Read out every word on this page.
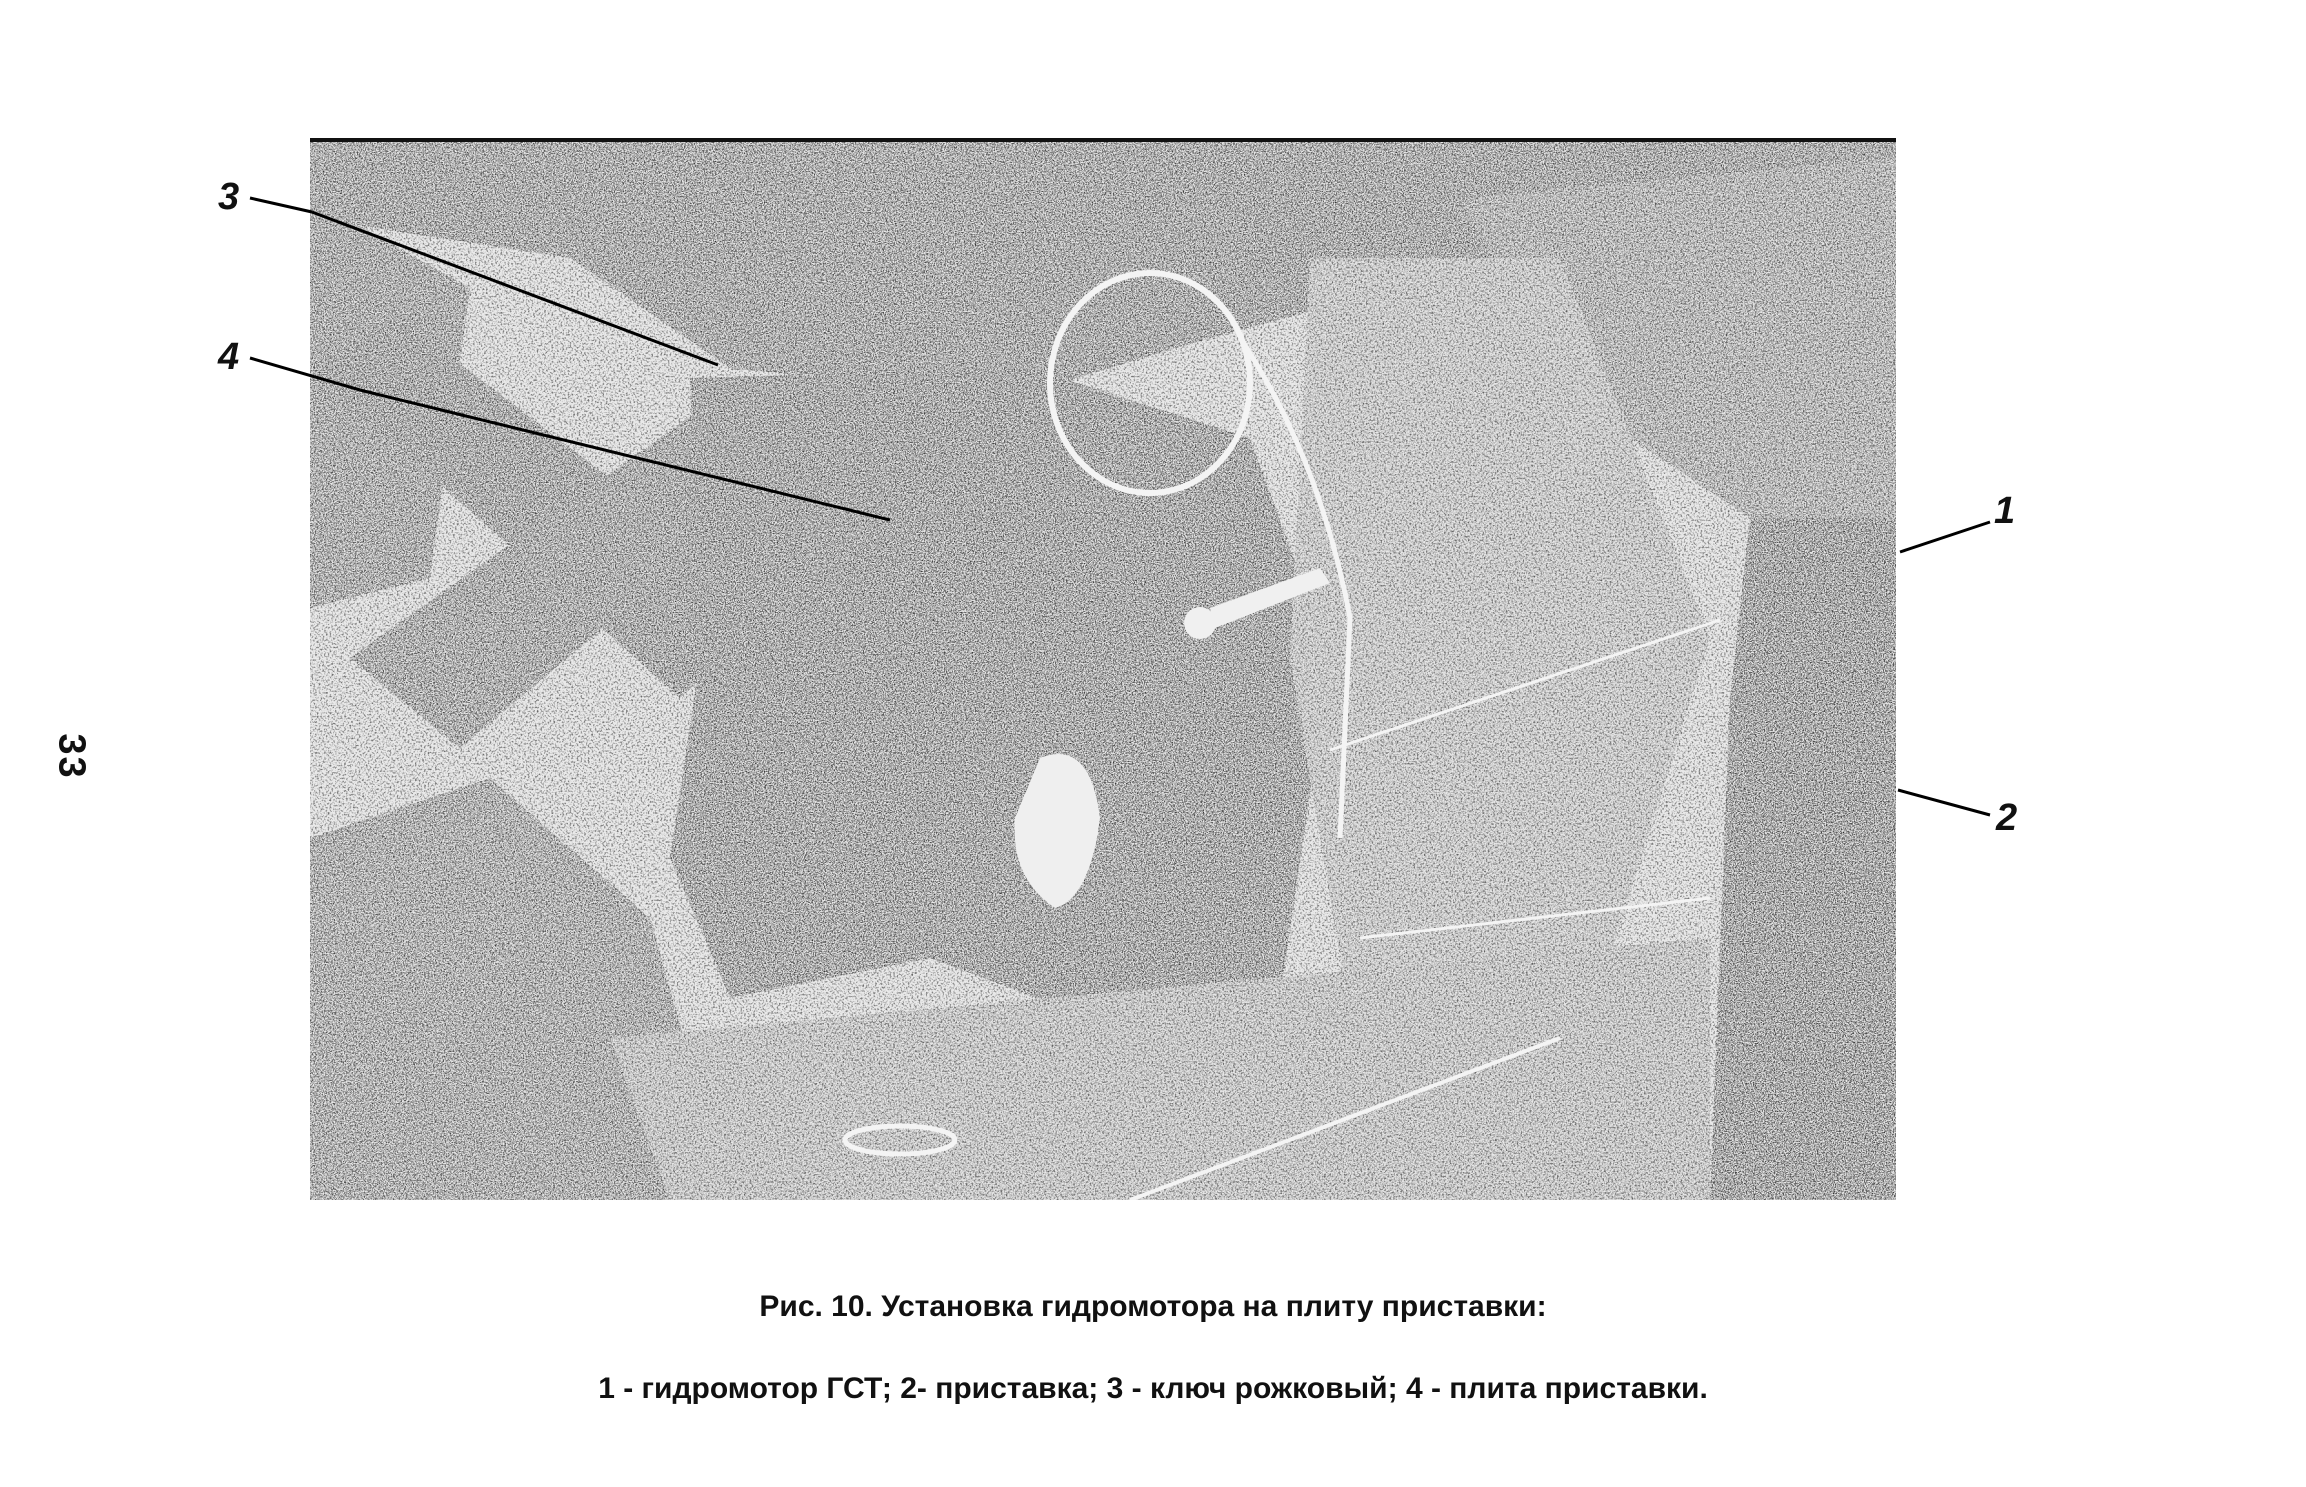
33
3
4
1
2
Рис. 10. Установка гидромотора на плиту приставки:
1 - гидромотор ГСТ; 2- приставка; 3 - ключ рожковый; 4 - плита приставки.
